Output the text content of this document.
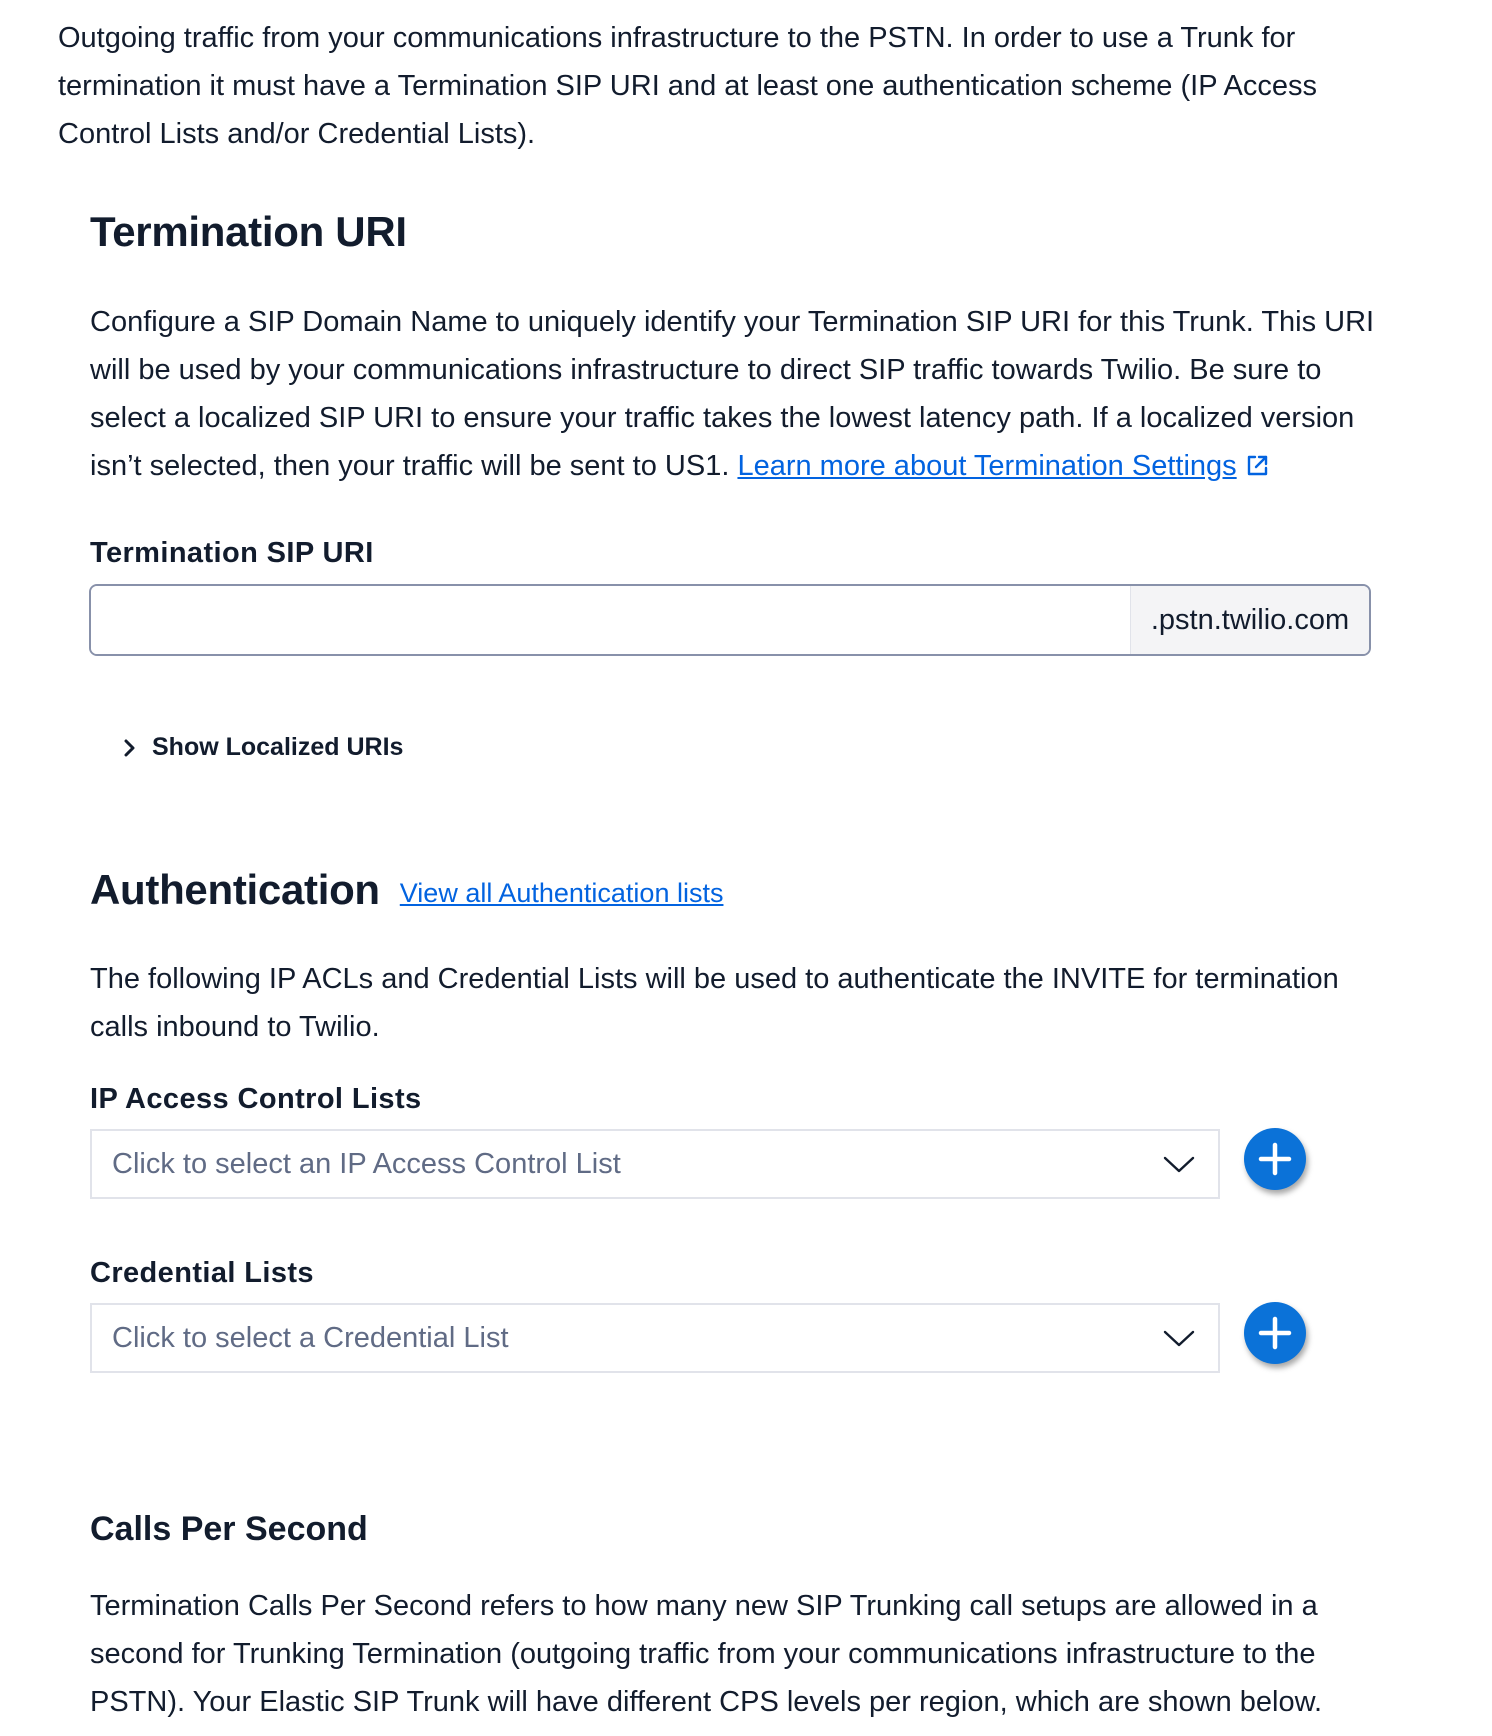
Outgoing traffic from your communications infrastructure to the PSTN. In order to use a Trunk for termination it must have a Termination SIP URI and at least one authentication scheme (IP Access Control Lists and/or Credential Lists).
Termination URI
Configure a SIP Domain Name to uniquely identify your Termination SIP URI for this Trunk. This URI will be used by your communications infrastructure to direct SIP traffic towards Twilio. Be sure to select a localized SIP URI to ensure your traffic takes the lowest latency path. If a localized version isn’t selected, then your traffic will be sent to US1. Learn more about Termination Settings
Termination SIP URI
.pstn.twilio.com
Show Localized URIs
Authentication View all Authentication lists
The following IP ACLs and Credential Lists will be used to authenticate the INVITE for termination calls inbound to Twilio.
IP Access Control Lists
Click to select an IP Access Control List
Credential Lists
Click to select a Credential List
Calls Per Second
Termination Calls Per Second refers to how many new SIP Trunking call setups are allowed in a second for Trunking Termination (outgoing traffic from your communications infrastructure to the PSTN). Your Elastic SIP Trunk will have different CPS levels per region, which are shown below.
